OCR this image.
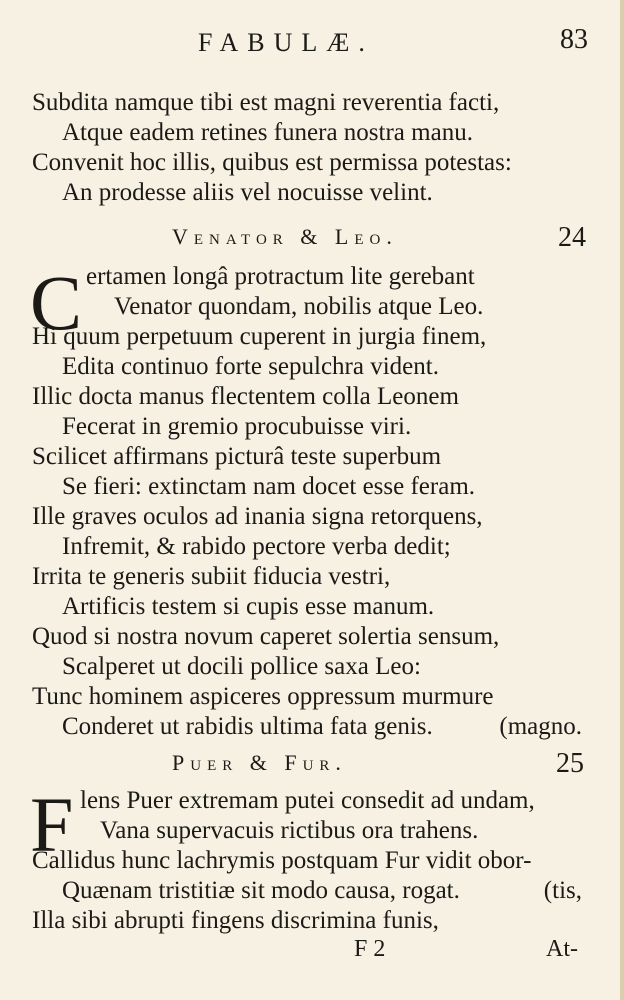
FABULÆ.	83
Subdita namque tibi est magni reverentia facti,
Atque eadem retines funera nostra manu.
Convenit hoc illis, quibus est permissa potestas:
An prodesse aliis vel nocuisse velint.
Venator & Leo.	24
C ertamen longâ protractum lite gerebant
Venator quondam, nobilis atque Leo.
Hi quum perpetuum cuperent in jurgia finem,
Edita continuo forte sepulchra vident.
Illic docta manus flectentem colla Leonem
Fecerat in gremio procubuisse viri.
Scilicet affirmans picturâ teste superbum
Se fieri: extinctam nam docet esse feram.
Ille graves oculos ad inania signa retorquens,
Infremit, & rabido pectore verba dedit;
Irrita te generis subiit fiducia vestri,
Artificis testem si cupis esse manum.
Quod si nostra novum caperet solertia sensum,
Scalperet ut docili pollice saxa Leo:
Tunc hominem aspiceres oppressum murmure
Conderet ut rabidis ultima fata genis.	(magno.
Puer & Fur.	25
F lens Puer extremam putei consedit ad undam,
Vana supervacuis rictibus ora trahens.
Callidus hunc lachrymis postquam Fur vidit obor-
Quænam tristitiæ sit modo causa, rogat.	(tis,
Illa sibi abrupti fingens discrimina funis,
F 2	At-
